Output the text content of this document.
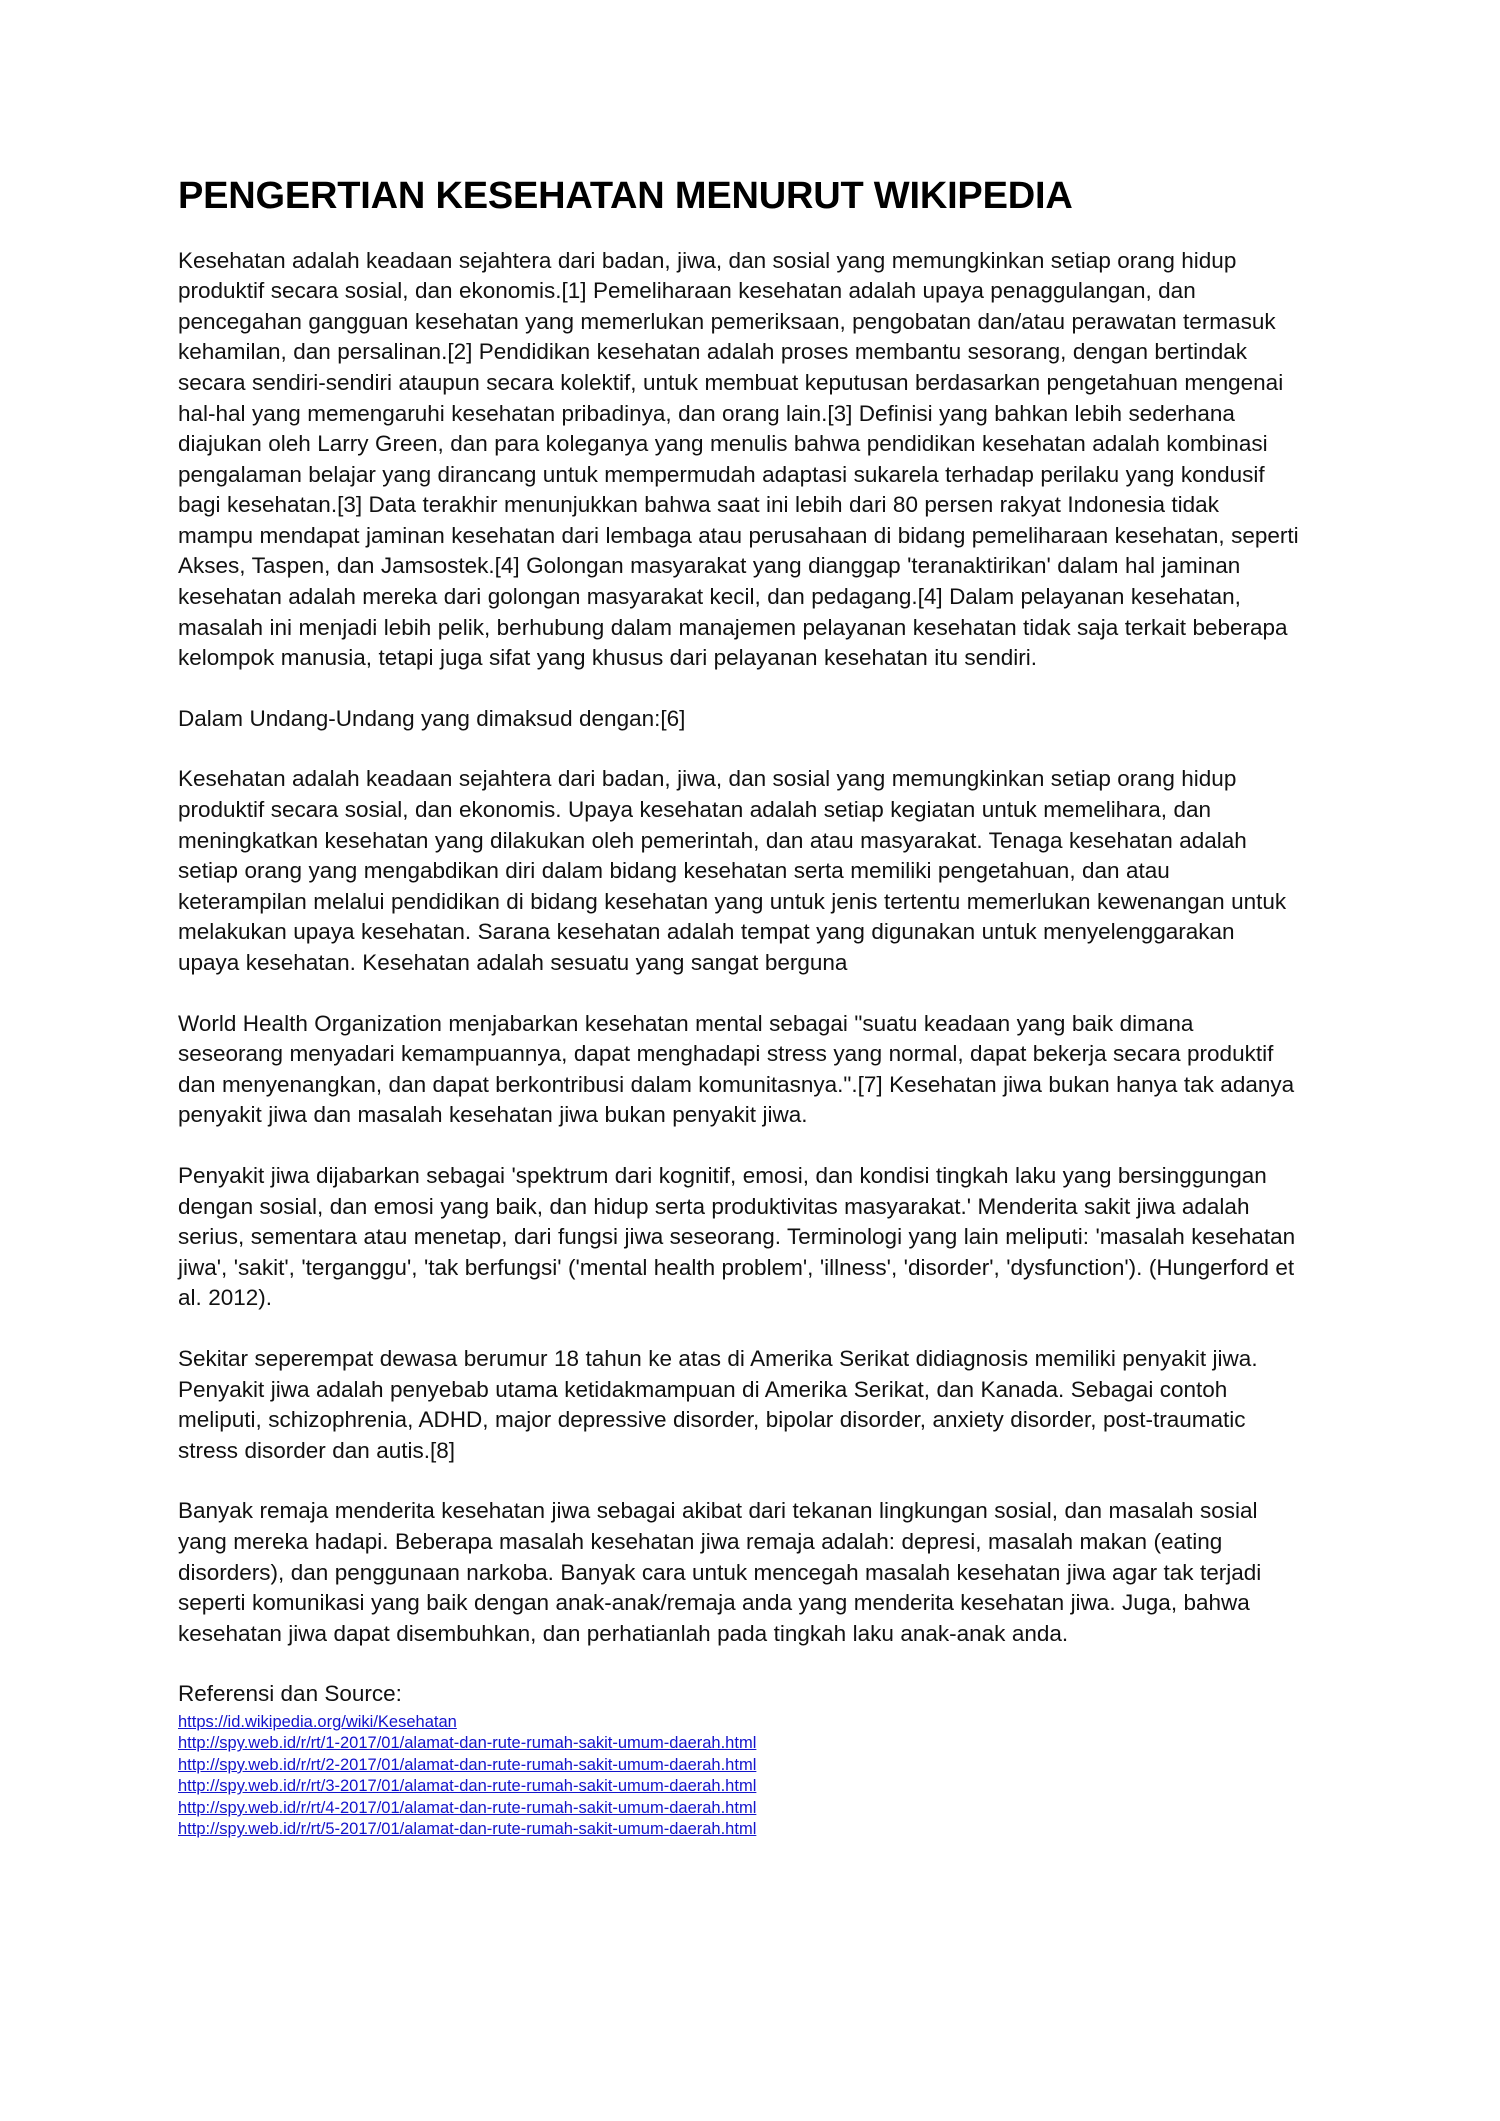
PENGERTIAN KESEHATAN MENURUT WIKIPEDIA

Kesehatan adalah keadaan sejahtera dari badan, jiwa, dan sosial yang memungkinkan setiap orang hidup produktif secara sosial, dan ekonomis.[1] Pemeliharaan kesehatan adalah upaya penaggulangan, dan pencegahan gangguan kesehatan yang memerlukan pemeriksaan, pengobatan dan/atau perawatan termasuk kehamilan, dan persalinan.[2] Pendidikan kesehatan adalah proses membantu sesorang, dengan bertindak secara sendiri-sendiri ataupun secara kolektif, untuk membuat keputusan berdasarkan pengetahuan mengenai hal-hal yang memengaruhi kesehatan pribadinya, dan orang lain.[3] Definisi yang bahkan lebih sederhana diajukan oleh Larry Green, dan para koleganya yang menulis bahwa pendidikan kesehatan adalah kombinasi pengalaman belajar yang dirancang untuk mempermudah adaptasi sukarela terhadap perilaku yang kondusif bagi kesehatan.[3] Data terakhir menunjukkan bahwa saat ini lebih dari 80 persen rakyat Indonesia tidak mampu mendapat jaminan kesehatan dari lembaga atau perusahaan di bidang pemeliharaan kesehatan, seperti Akses, Taspen, dan Jamsostek.[4] Golongan masyarakat yang dianggap 'teranaktirikan' dalam hal jaminan kesehatan adalah mereka dari golongan masyarakat kecil, dan pedagang.[4] Dalam pelayanan kesehatan, masalah ini menjadi lebih pelik, berhubung dalam manajemen pelayanan kesehatan tidak saja terkait beberapa kelompok manusia, tetapi juga sifat yang khusus dari pelayanan kesehatan itu sendiri.

Dalam Undang-Undang yang dimaksud dengan:[6]

Kesehatan adalah keadaan sejahtera dari badan, jiwa, dan sosial yang memungkinkan setiap orang hidup produktif secara sosial, dan ekonomis. Upaya kesehatan adalah setiap kegiatan untuk memelihara, dan meningkatkan kesehatan yang dilakukan oleh pemerintah, dan atau masyarakat. Tenaga kesehatan adalah setiap orang yang mengabdikan diri dalam bidang kesehatan serta memiliki pengetahuan, dan atau keterampilan melalui pendidikan di bidang kesehatan yang untuk jenis tertentu memerlukan kewenangan untuk melakukan upaya kesehatan. Sarana kesehatan adalah tempat yang digunakan untuk menyelenggarakan upaya kesehatan. Kesehatan adalah sesuatu yang sangat berguna

World Health Organization menjabarkan kesehatan mental sebagai "suatu keadaan yang baik dimana seseorang menyadari kemampuannya, dapat menghadapi stress yang normal, dapat bekerja secara produktif dan menyenangkan, dan dapat berkontribusi dalam komunitasnya.".[7] Kesehatan jiwa bukan hanya tak adanya penyakit jiwa dan masalah kesehatan jiwa bukan penyakit jiwa.

Penyakit jiwa dijabarkan sebagai 'spektrum dari kognitif, emosi, dan kondisi tingkah laku yang bersinggungan dengan sosial, dan emosi yang baik, dan hidup serta produktivitas masyarakat.' Menderita sakit jiwa adalah serius, sementara atau menetap, dari fungsi jiwa seseorang. Terminologi yang lain meliputi: 'masalah kesehatan jiwa', 'sakit', 'terganggu', 'tak berfungsi' ('mental health problem', 'illness', 'disorder', 'dysfunction'). (Hungerford et al. 2012).

Sekitar seperempat dewasa berumur 18 tahun ke atas di Amerika Serikat didiagnosis memiliki penyakit jiwa. Penyakit jiwa adalah penyebab utama ketidakmampuan di Amerika Serikat, dan Kanada. Sebagai contoh meliputi, schizophrenia, ADHD, major depressive disorder, bipolar disorder, anxiety disorder, post-traumatic stress disorder dan autis.[8]

Banyak remaja menderita kesehatan jiwa sebagai akibat dari tekanan lingkungan sosial, dan masalah sosial yang mereka hadapi. Beberapa masalah kesehatan jiwa remaja adalah: depresi, masalah makan (eating disorders), dan penggunaan narkoba. Banyak cara untuk mencegah masalah kesehatan jiwa agar tak terjadi seperti komunikasi yang baik dengan anak-anak/remaja anda yang menderita kesehatan jiwa. Juga, bahwa kesehatan jiwa dapat disembuhkan, dan perhatianlah pada tingkah laku anak-anak anda.

Referensi dan Source:
https://id.wikipedia.org/wiki/Kesehatan
http://spy.web.id/r/rt/1-2017/01/alamat-dan-rute-rumah-sakit-umum-daerah.html
http://spy.web.id/r/rt/2-2017/01/alamat-dan-rute-rumah-sakit-umum-daerah.html
http://spy.web.id/r/rt/3-2017/01/alamat-dan-rute-rumah-sakit-umum-daerah.html
http://spy.web.id/r/rt/4-2017/01/alamat-dan-rute-rumah-sakit-umum-daerah.html
http://spy.web.id/r/rt/5-2017/01/alamat-dan-rute-rumah-sakit-umum-daerah.html
